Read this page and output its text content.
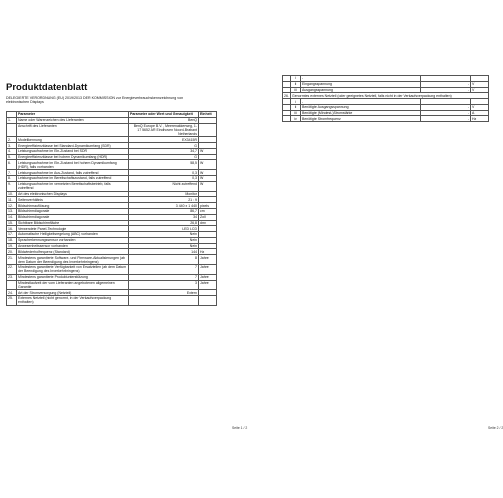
Produktdatenblatt
DELEGIERTE VERORDNUNG (EU) 2019/2013 DER KOMMISSION zur Energieverbrauchskennzeichnung von elektronischen Displays
	Parameter	Parameter oder Wert und Genauigkeit	Einheit
1.	Name oder Warenzeichen des Lieferanten	BenQ	
	Anschrift des Lieferanten	BenQ Europe B.V. , Meerenakkerweg, 1-17 5652 AR Eindhoven Noord-Brabant Netherlands	
2.	Modellkennung	EX3415R	
3.	Energieeffizienzklasse bei Standard-Dynamikumfang (SDR)	G	
4.	Leistungsaufnahme im Ein-Zustand bei SDR	34,7	W
5.	Energieeffizienzklasse bei hohem Dynamikumfang (HDR)	G	
6.	Leistungsaufnahme im Ein-Zustand bei hohem Dynamikumfang (HDR), falls vorhanden	58,5	W
7.	Leistungsaufnahme im Aus-Zustand, falls zutreffend	0,3	W
8.	Leistungsaufnahme im Bereitschaftszustand, falls zutreffend	0,3	W
9.	Leistungsaufnahme im vernetzten Bereitschaftsbetrieb, falls zutreffend	Nicht zutreffend	W
10.	Art des elektronischen Displays	Monitor	
11.	Seitenverhältnis	21 : 9	
12.	Bildschirmauflösung	3 440 x 1 440	pixels
13.	Bildschirmdiagonale	86,7	cm
14.	Bildschirmdiagonale	34	Zoll
15.	Sichtbare Bildschirmfläche	26,8	dm²
16.	Verwendete Panel-Technologie	LED LCD	
17.	Automatische Helligkeitsregelung (ABC) vorhanden	Nein	
18.	Spracherkennungssensor vorhanden	Nein	
19.	Anwesenheitssensor vorhanden	Nein	
20.	Bildwiederholfrequenz (Standard)	144	Hz
21.	Mindestens garantierte Software- und Firmware-Aktualisierungen (ab dem Datum der Beendigung des Inverkehrbringens)	8	Jahre
22.	Mindestens garantierte Verfügbarkeit von Ersatzteilen (ab dem Datum der Beendigung des Inverkehrbringens)	7	Jahre
23.	Mindestens garantierte Produktunterstützung	7	Jahre
	Mindestlaufzeit der vom Lieferanten angebotenen allgemeinen Garantie	3	Jahre
24.	Art der Stromversorgung (Netzteil)	Extern	
25.	Externes Netzteil (nicht genormt, in der Verkaufsverpackung enthalten)		
Seite 1 / 2
	i	-		
	ii	Eingangsspannung	-	V
	iii	Ausgangsspannung	-	V
26.	Genormtes externes Netzteil (oder geeignetes Netzteil, falls nicht in der Verkaufsverpackung enthalten)			
	i	-		
	ii	Benötigte Ausgangsspannung	-	V
	iii	Benötigte (Mindest-)Stromstärke	-	A
	iv	Benötigte Stromfrequenz	-	Hz
Seite 2 / 2
